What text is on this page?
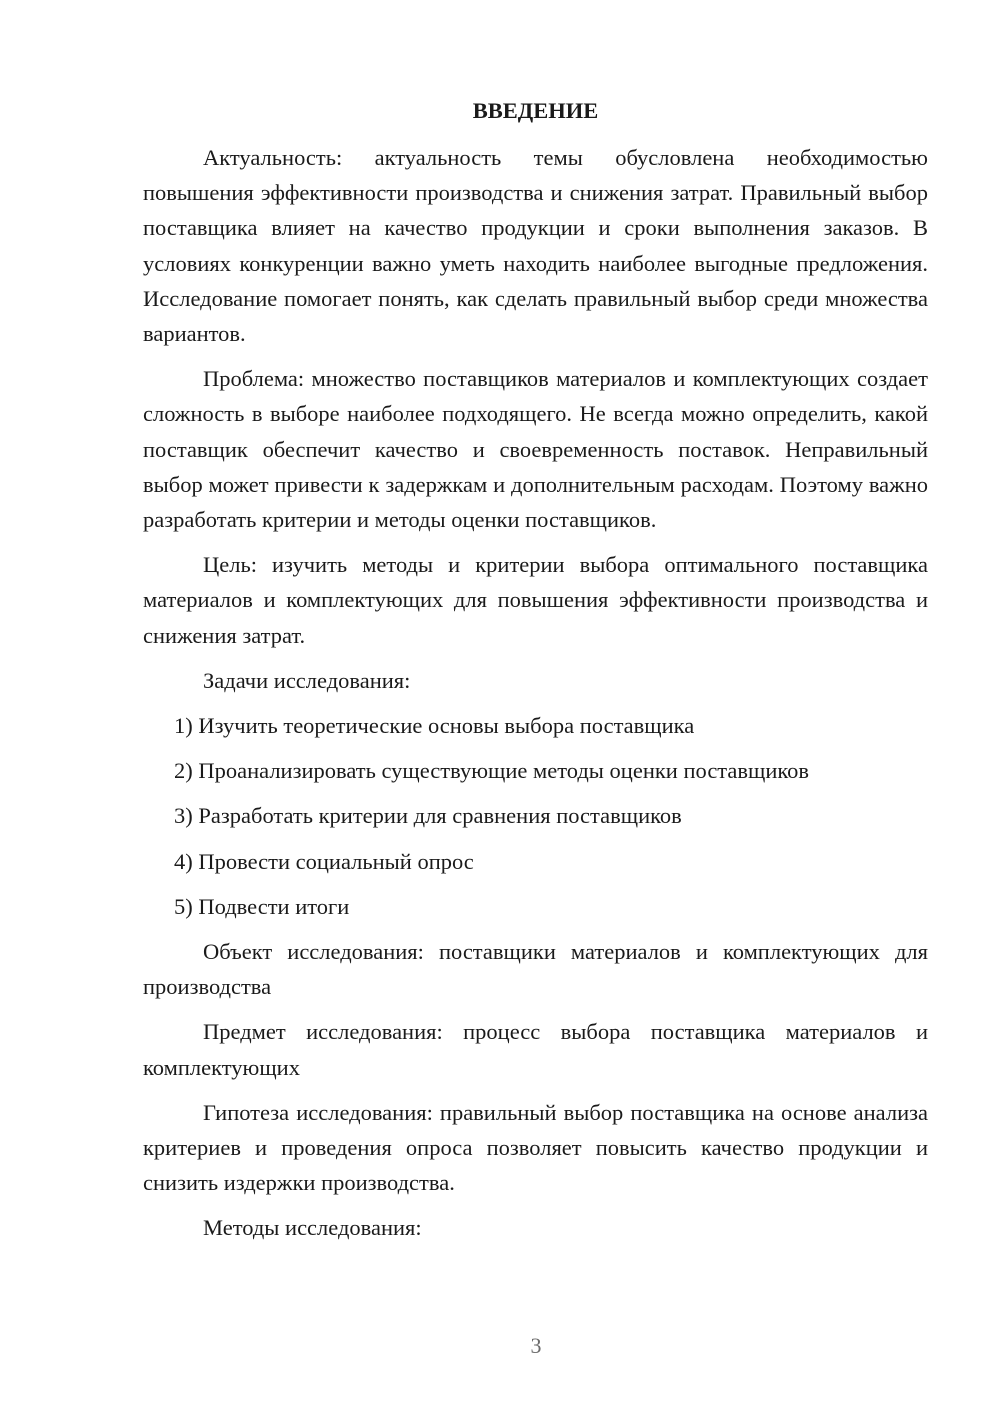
ВВЕДЕНИЕ

Актуальность: актуальность темы обусловлена необходимостью повышения эффективности производства и снижения затрат. Правильный выбор поставщика влияет на качество продукции и сроки выполнения заказов. В условиях конкуренции важно уметь находить наиболее выгодные предложения. Исследование помогает понять, как сделать правильный выбор среди множества вариантов.

Проблема: множество поставщиков материалов и комплектующих создает сложность в выборе наиболее подходящего. Не всегда можно определить, какой поставщик обеспечит качество и своевременность поставок. Неправильный выбор может привести к задержкам и дополнительным расходам. Поэтому важно разработать критерии и методы оценки поставщиков.

Цель: изучить методы и критерии выбора оптимального поставщика материалов и комплектующих для повышения эффективности производства и снижения затрат.

Задачи исследования:

1) Изучить теоретические основы выбора поставщика
2) Проанализировать существующие методы оценки поставщиков
3) Разработать критерии для сравнения поставщиков
4) Провести социальный опрос
5) Подвести итоги

Объект исследования: поставщики материалов и комплектующих для производства

Предмет исследования: процесс выбора поставщика материалов и комплектующих

Гипотеза исследования: правильный выбор поставщика на основе анализа критериев и проведения опроса позволяет повысить качество продукции и снизить издержки производства.

Методы исследования:

3
